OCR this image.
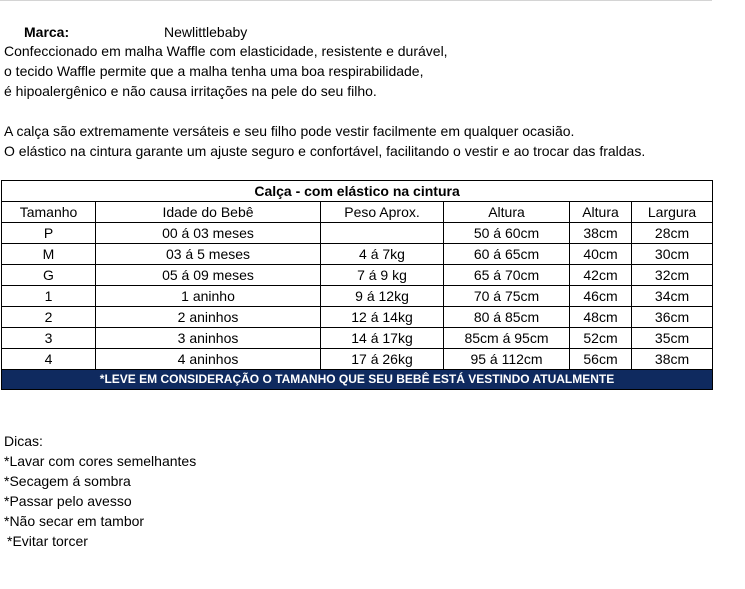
Marca:	Newlittlebaby
Confeccionado em malha Waffle com elasticidade, resistente e durável,
o tecido Waffle permite que a malha tenha uma boa respirabilidade,
é hipoalergênico e não causa irritações na pele do seu filho.
A calça são extremamente versáteis e seu filho pode vestir facilmente em qualquer ocasião.
O elástico na cintura garante um ajuste seguro e confortável, facilitando o vestir e ao trocar das fraldas.
Calça - com elástico na cintura					
Tamanho	Idade do Bebê	Peso Aprox.	Altura	Altura	Largura
P	00 á 03 meses		50 á 60cm	38cm	28cm
M	03 á 5 meses	4 á 7kg	60 á 65cm	40cm	30cm
G	05 á 09 meses	7 á 9 kg	65 á 70cm	42cm	32cm
1	1 aninho	9 á 12kg	70 á 75cm	46cm	34cm
2	2 aninhos	12 á 14kg	80 á 85cm	48cm	36cm
3	3 aninhos	14 á 17kg	85cm á 95cm	52cm	35cm
4	4 aninhos	17 á 26kg	95 á 112cm	56cm	38cm
*LEVE EM CONSIDERAÇÃO O TAMANHO QUE SEU BEBÊ ESTÁ VESTINDO ATUALMENTE					
Dicas:
*Lavar com cores semelhantes
*Secagem á sombra
*Passar pelo avesso
*Não secar em tambor
*Evitar torcer
